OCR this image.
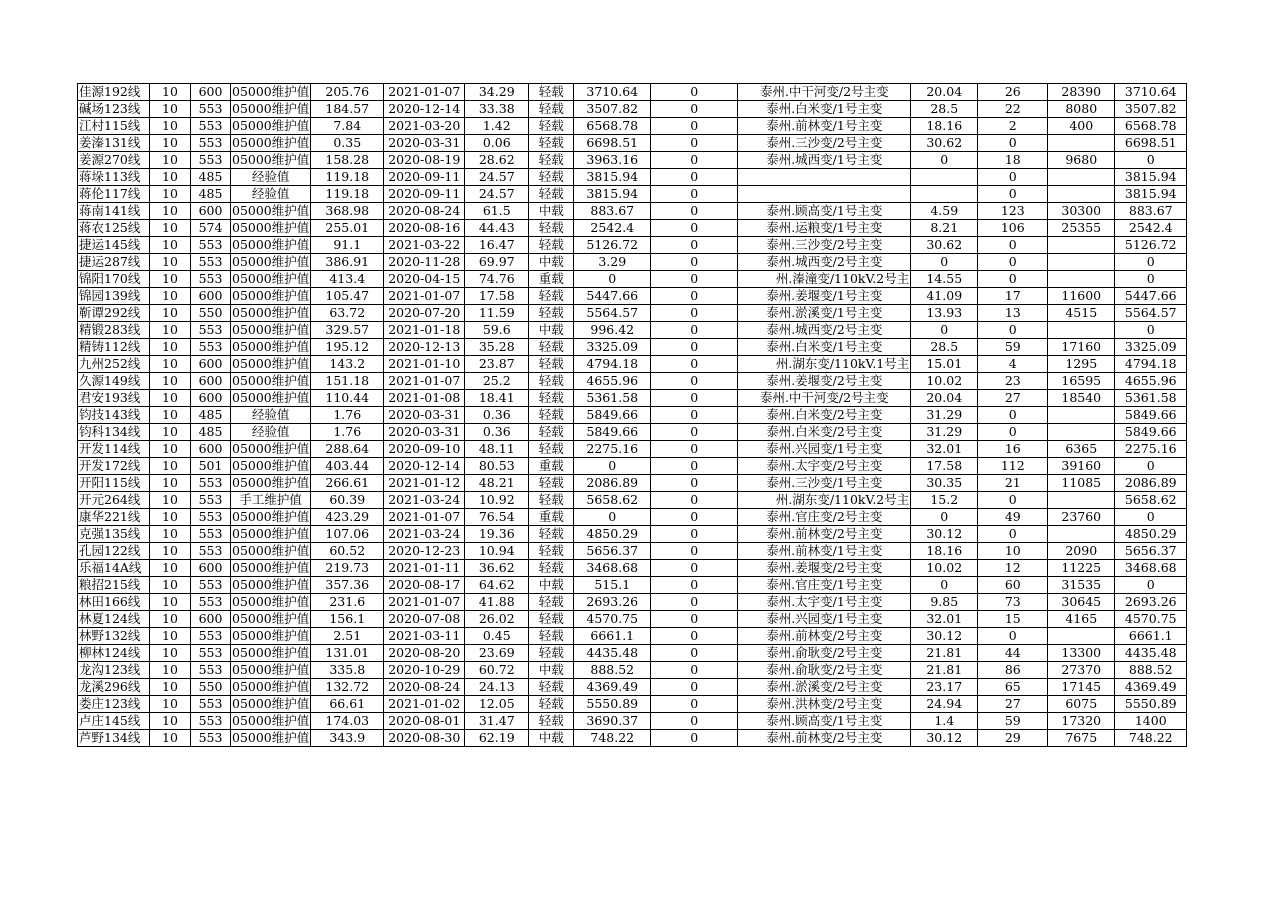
佳源192线	10	600	05000维护值	205.76	2021-01-07	34.29	轻载	3710.64	0	泰州.中干河变/2号主变	20.04	26	28390	3710.64
碱场123线	10	553	05000维护值	184.57	2020-12-14	33.38	轻载	3507.82	0	泰州.白米变/1号主变	28.5	22	8080	3507.82
江村115线	10	553	05000维护值	7.84	2021-03-20	1.42	轻载	6568.78	0	泰州.前林变/1号主变	18.16	2	400	6568.78
姜溱131线	10	553	05000维护值	0.35	2020-03-31	0.06	轻载	6698.51	0	泰州.三沙变/2号主变	30.62	0		6698.51
姜源270线	10	553	05000维护值	158.28	2020-08-19	28.62	轻载	3963.16	0	泰州.城西变/1号主变	0	18	9680	0
蒋垛113线	10	485	经验值	119.18	2020-09-11	24.57	轻载	3815.94	0			0		3815.94
蒋伦117线	10	485	经验值	119.18	2020-09-11	24.57	轻载	3815.94	0			0		3815.94
蒋南141线	10	600	05000维护值	368.98	2020-08-24	61.5	中载	883.67	0	泰州.顾高变/1号主变	4.59	123	30300	883.67
蒋农125线	10	574	05000维护值	255.01	2020-08-16	44.43	轻载	2542.4	0	泰州.运粮变/1号主变	8.21	106	25355	2542.4
捷运145线	10	553	05000维护值	91.1	2021-03-22	16.47	轻载	5126.72	0	泰州.三沙变/2号主变	30.62	0		5126.72
捷运287线	10	553	05000维护值	386.91	2020-11-28	69.97	中载	3.29	0	泰州.城西变/2号主变	0	0		0
锦阳170线	10	553	05000维护值	413.4	2020-04-15	74.76	重载	0	0	州.溱潼变/110kV.2号主	14.55	0		0
锦园139线	10	600	05000维护值	105.47	2021-01-07	17.58	轻载	5447.66	0	泰州.姜堰变/1号主变	41.09	17	11600	5447.66
靳谭292线	10	550	05000维护值	63.72	2020-07-20	11.59	轻载	5564.57	0	泰州.淤溪变/1号主变	13.93	13	4515	5564.57
精锻283线	10	553	05000维护值	329.57	2021-01-18	59.6	中载	996.42	0	泰州.城西变/2号主变	0	0		0
精铸112线	10	553	05000维护值	195.12	2020-12-13	35.28	轻载	3325.09	0	泰州.白米变/1号主变	28.5	59	17160	3325.09
九州252线	10	600	05000维护值	143.2	2021-01-10	23.87	轻载	4794.18	0	州.湖东变/110kV.1号主	15.01	4	1295	4794.18
久源149线	10	600	05000维护值	151.18	2021-01-07	25.2	轻载	4655.96	0	泰州.姜堰变/2号主变	10.02	23	16595	4655.96
君安193线	10	600	05000维护值	110.44	2021-01-08	18.41	轻载	5361.58	0	泰州.中干河变/2号主变	20.04	27	18540	5361.58
钧技143线	10	485	经验值	1.76	2020-03-31	0.36	轻载	5849.66	0	泰州.白米变/2号主变	31.29	0		5849.66
钧科134线	10	485	经验值	1.76	2020-03-31	0.36	轻载	5849.66	0	泰州.白米变/2号主变	31.29	0		5849.66
开发114线	10	600	05000维护值	288.64	2020-09-10	48.11	轻载	2275.16	0	泰州.兴园变/1号主变	32.01	16	6365	2275.16
开发172线	10	501	05000维护值	403.44	2020-12-14	80.53	重载	0	0	泰州.太宇变/2号主变	17.58	112	39160	0
开阳115线	10	553	05000维护值	266.61	2021-01-12	48.21	轻载	2086.89	0	泰州.三沙变/1号主变	30.35	21	11085	2086.89
开元264线	10	553	手工维护值	60.39	2021-03-24	10.92	轻载	5658.62	0	州.湖东变/110kV.2号主	15.2	0		5658.62
康华221线	10	553	05000维护值	423.29	2021-01-07	76.54	重载	0	0	泰州.官庄变/2号主变	0	49	23760	0
克强135线	10	553	05000维护值	107.06	2021-03-24	19.36	轻载	4850.29	0	泰州.前林变/2号主变	30.12	0		4850.29
孔园122线	10	553	05000维护值	60.52	2020-12-23	10.94	轻载	5656.37	0	泰州.前林变/1号主变	18.16	10	2090	5656.37
乐福14A线	10	600	05000维护值	219.73	2021-01-11	36.62	轻载	3468.68	0	泰州.姜堰变/2号主变	10.02	12	11225	3468.68
粮招215线	10	553	05000维护值	357.36	2020-08-17	64.62	中载	515.1	0	泰州.官庄变/1号主变	0	60	31535	0
林田166线	10	553	05000维护值	231.6	2021-01-07	41.88	轻载	2693.26	0	泰州.太宇变/1号主变	9.85	73	30645	2693.26
林夏124线	10	600	05000维护值	156.1	2020-07-08	26.02	轻载	4570.75	0	泰州.兴园变/1号主变	32.01	15	4165	4570.75
林野132线	10	553	05000维护值	2.51	2021-03-11	0.45	轻载	6661.1	0	泰州.前林变/2号主变	30.12	0		6661.1
柳林124线	10	553	05000维护值	131.01	2020-08-20	23.69	轻载	4435.48	0	泰州.俞耿变/2号主变	21.81	44	13300	4435.48
龙沟123线	10	553	05000维护值	335.8	2020-10-29	60.72	中载	888.52	0	泰州.俞耿变/2号主变	21.81	86	27370	888.52
龙溪296线	10	550	05000维护值	132.72	2020-08-24	24.13	轻载	4369.49	0	泰州.淤溪变/2号主变	23.17	65	17145	4369.49
娄庄123线	10	553	05000维护值	66.61	2021-01-02	12.05	轻载	5550.89	0	泰州.洪林变/2号主变	24.94	27	6075	5550.89
卢庄145线	10	553	05000维护值	174.03	2020-08-01	31.47	轻载	3690.37	0	泰州.顾高变/1号主变	1.4	59	17320	1400
芦野134线	10	553	05000维护值	343.9	2020-08-30	62.19	中载	748.22	0	泰州.前林变/2号主变	30.12	29	7675	748.22
